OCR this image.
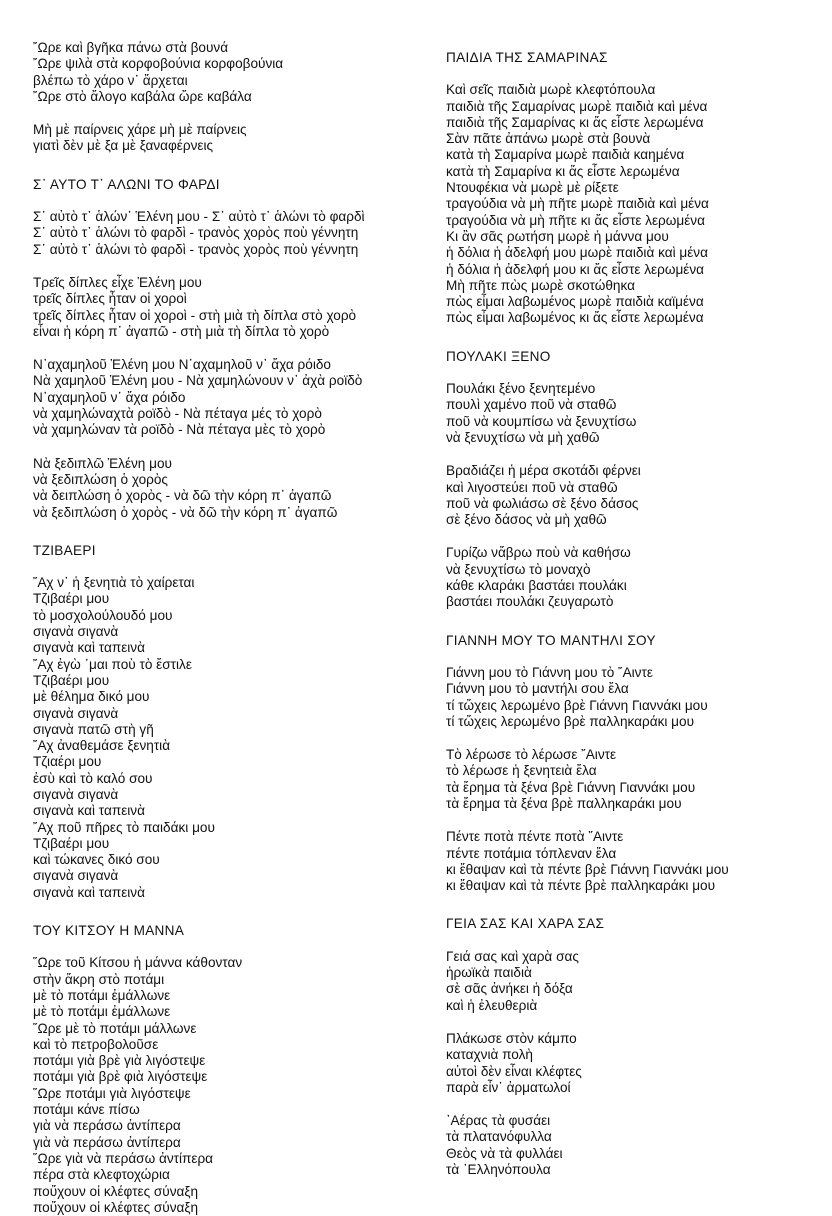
῎Ωρε καὶ βγῆκα πάνω στὰ βουνά
῎Ωρε ψιλὰ στὰ κορφοβούνια κορφοβούνια
βλέπω τὸ χάρο ν᾽ ἄρχεται
῎Ωρε στὸ ἄλογο καβάλα ὤρε καβάλα
Μὴ μὲ παίρνεις χάρε μὴ μὲ παίρνεις
γιατὶ δὲν μὲ ξα μὲ ξαναφέρνεις
Σ᾽ ΑΥΤΟ Τ᾽ ΑΛΩΝΙ ΤΟ ΦΑΡΔΙ
Σ᾽ αὐτὸ τ᾽ ἁλών᾽ Ἑλένη μου - Σ᾽ αὐτὸ τ᾽ ἁλώνι τὸ φαρδὶ
Σ᾽ αὐτὸ τ᾽ ἁλώνι τὸ φαρδὶ - τρανὸς χορὸς ποὺ γέννητη
Σ᾽ αὐτὸ τ᾽ ἁλώνι τὸ φαρδὶ - τρανὸς χορὸς ποὺ γέννητη
Τρεῖς δίπλες εἶχε Ἑλένη μου
τρεῖς δίπλες ἦταν οἱ χοροὶ
τρεῖς δίπλες ἦταν οἱ χοροὶ - στὴ μιὰ τὴ δίπλα στὸ χορὸ
εἶναι ἡ κόρη π᾽ ἀγαπῶ - στὴ μιὰ τὴ δίπλα τὸ χορὸ
Ν᾽αχαμηλοῦ Ἑλένη μου Ν᾽αχαμηλοῦ ν᾽ ἄχα ρόιδο
Νὰ χαμηλοῦ Ἑλένη μου - Νὰ χαμηλώνουν ν᾽ ἀχὰ ροϊδὸ
Ν᾽αχαμηλοῦ ν᾽ ἄχα ρόιδο
νὰ χαμηλώναχτὰ ροϊδὸ - Νὰ πέταγα μές τὸ χορὸ
νὰ χαμηλώναν τὰ ροϊδὸ - Νὰ πέταγα μὲς τὸ χορὸ
Νὰ ξεδιπλῶ Ἑλένη μου
νὰ ξεδιπλώση ὁ χορὸς
νὰ δειπλώση ὁ χορὸς - νὰ δῶ τὴν κόρη π᾽ ἀγαπῶ
νὰ ξεδιπλώση ὁ χορὸς - νὰ δῶ τὴν κόρη π᾽ ἀγαπῶ
ΤΖΙΒΑΕΡΙ
῎Αχ ν᾽ ἡ ξενητιὰ τὸ χαίρεται
Τζιβαέρι μου
τὸ μοσχολούλουδό μου
σιγανὰ σιγανὰ
σιγανὰ καὶ ταπεινὰ
῎Αχ ἐγὼ ᾽μαι ποὺ τὸ ἔστιλε
Τζιβαέρι μου
μὲ θέλημα δικό μου
σιγανὰ σιγανὰ
σιγανὰ πατῶ στὴ γῆ
῎Αχ ἀναθεμάσε ξενητιὰ
Τζιαέρι μου
ἐσὺ καὶ τὸ καλό σου
σιγανὰ σιγανὰ
σιγανὰ καὶ ταπεινὰ
῎Αχ ποῦ πῆρες τὸ παιδάκι μου
Τζιβαέρι μου
καὶ τώκανες δικό σου
σιγανὰ σιγανὰ
σιγανὰ καὶ ταπεινὰ
ΤΟΥ ΚΙΤΣΟΥ Η ΜΑΝΝΑ
῞Ωρε τοῦ Κίτσου ἡ μάννα κάθονταν
στὴν ἄκρη στὸ ποτάμι
μὲ τὸ ποτάμι ἐμάλλωνε
μὲ τὸ ποτάμι ἐμάλλωνε
῞Ωρε μὲ τὸ ποτάμι μάλλωνε
καὶ τὸ πετροβολοῦσε
ποτάμι γιὰ βρὲ γιὰ λιγόστεψε
ποτάμι γιὰ βρὲ φιὰ λιγόστεψε
῞Ωρε ποτάμι γιὰ λιγόστεψε
ποτάμι κάνε πίσω
γιὰ νὰ περάσω ἀντίπερα
γιὰ νὰ περάσω ἀντίπερα
῞Ωρε γιὰ νὰ περάσω ἀντίπερα
πέρα στὰ κλεφτοχώρια
ποὔχουν οἱ κλέφτες σύναξη
ποὔχουν οἱ κλέφτες σύναξη
ΠΑΙΔΙΑ ΤΗΣ ΣΑΜΑΡΙΝΑΣ
Καὶ σεῖς παιδιὰ μωρὲ κλεφτόπουλα
παιδιὰ τῆς Σαμαρίνας μωρὲ παιδιὰ καὶ μένα
παιδιὰ τῆς Σαμαρίνας κι ἄς εἶστε λερωμένα
Σὰν πᾶτε ἀπάνω μωρὲ στὰ βουνὰ
κατὰ τὴ Σαμαρίνα μωρὲ παιδιὰ καημένα
κατὰ τὴ Σαμαρίνα κι ἄς εἶστε λερωμένα
Ντουφέκια νὰ μωρὲ μὲ ρίξετε
τραγούδια νὰ μὴ πῆτε μωρὲ παιδιὰ καὶ μένα
τραγούδια νὰ μὴ πῆτε κι ἄς εἶστε λερωμένα
Κι ἂν σᾶς ρωτήση μωρὲ ἡ μάννα μου
ἡ δόλια ἡ ἀδελφή μου μωρὲ παιδιὰ καὶ μένα
ἡ δόλια ἡ ἀδελφή μου κι ἄς εἶστε λερωμένα
Μὴ πῆτε πὼς μωρὲ σκοτώθηκα
πὼς εἶμαι λαβωμένος μωρὲ παιδιὰ καϊμένα
πὼς εἶμαι λαβωμένος κι ἄς εἶστε λερωμένα
ΠΟΥΛΑΚΙ ΞΕΝΟ
Πουλάκι ξένο ξενητεμένο
πουλὶ χαμένο ποῦ νὰ σταθῶ
ποῦ νὰ κουμπίσω νὰ ξενυχτίσω
νὰ ξενυχτίσω νὰ μὴ χαθῶ
Βραδιάζει ἡ μέρα σκοτάδι φέρνει
καὶ λιγοστεύει ποῦ νὰ σταθῶ
ποῦ νὰ φωλιάσω σὲ ξένο δάσος
σὲ ξένο δάσος νὰ μὴ χαθῶ
Γυρίζω νἄβρω ποὺ νὰ καθήσω
νὰ ξενυχτίσω τὸ μοναχὸ
κάθε κλαράκι βαστάει πουλάκι
βαστάει πουλάκι ζευγαρωτὸ
ΓΙΑΝΝΗ ΜΟΥ ΤΟ ΜΑΝΤΗΛΙ ΣΟΥ
Γιάννη μου τὸ Γιάννη μου τὸ ῎Αιντε
Γιάννη μου τὸ μαντήλι σου ἔλα
τί τὤχεις λερωμένο βρὲ Γιάννη Γιαννάκι μου
τί τὤχεις λερωμένο βρὲ παλληκαράκι μου
Τὸ λέρωσε τὸ λέρωσε ῎Αιντε
τὸ λέρωσε ἡ ξενητειὰ ἔλα
τὰ ἔρημα τὰ ξένα βρὲ Γιάννη Γιαννάκι μου
τὰ ἔρημα τὰ ξένα βρὲ παλληκαράκι μου
Πέντε ποτὰ πέντε ποτὰ ῎Αιντε
πέντε ποτάμια τόπλεναν ἔλα
κι ἔθαψαν καὶ τὰ πέντε βρὲ Γιάννη Γιαννάκι μου
κι ἔθαψαν καὶ τὰ πέντε βρὲ παλληκαράκι μου
ΓΕΙΑ ΣΑΣ ΚΑΙ ΧΑΡΑ ΣΑΣ
Γειά σας καὶ χαρὰ σας
ἡρωϊκὰ παιδιὰ
σὲ σᾶς ἀνήκει ἡ δόξα
καὶ ἡ ἐλευθεριὰ
Πλάκωσε στὸν κάμπο
καταχνιὰ πολὴ
αὐτοὶ δὲν εἶναι κλέφτες
παρὰ εἶν᾽ ἀρματωλοί
᾽Αέρας τὰ φυσάει
τὰ πλατανόφυλλα
Θεὸς νὰ τὰ φυλλάει
τὰ ᾽Ελληνόπουλα
